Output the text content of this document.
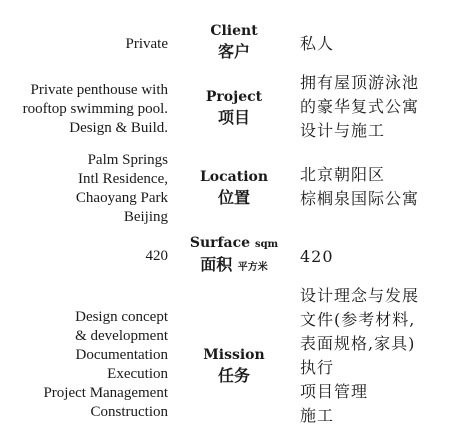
Private
Client
客户	私人
Private penthouse with
rooftop swimming pool.
Design & Build.
Project
项目
拥有屋顶游泳池
的豪华复式公寓
设计与施工
Palm Springs
Intl Residence,
Chaoyang Park
Beijing
Location
位置
北京朝阳区
棕榈泉国际公寓
420
Surface sqm
面积 平方米
420
Design concept
& development
Documentation
Execution
Project Management
Construction
Mission
任务
设计理念与发展
文件(参考材料,
表面规格,家具)
执行
项目管理
施工
